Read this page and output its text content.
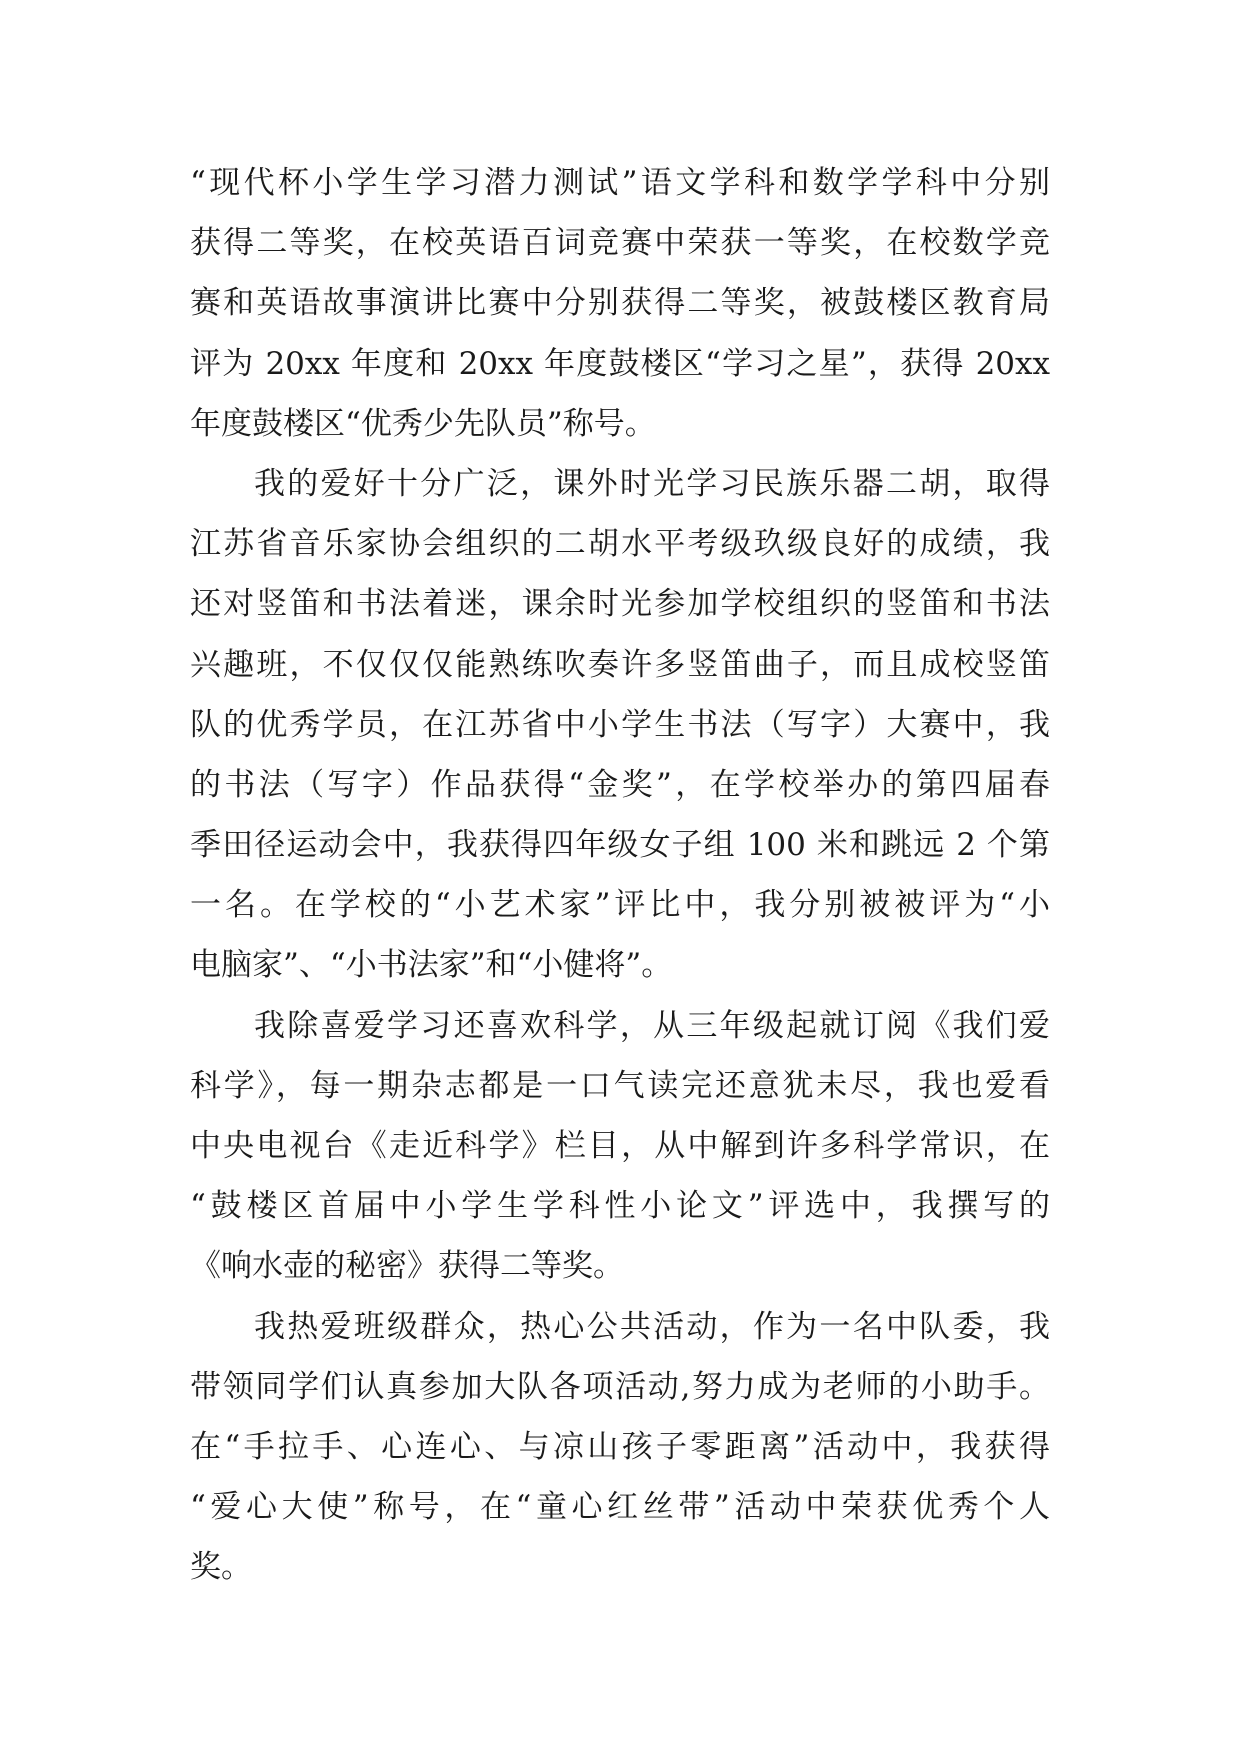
“现代杯小学生学习潜力测试”语文学科和数学学科中分别
获得二等奖，在校英语百词竞赛中荣获一等奖，在校数学竞
赛和英语故事演讲比赛中分别获得二等奖，被鼓楼区教育局
评为 20xx 年度和 20xx 年度鼓楼区“学习之星”，获得 20xx
年度鼓楼区“优秀少先队员”称号。
我的爱好十分广泛，课外时光学习民族乐器二胡，取得
江苏省音乐家协会组织的二胡水平考级玖级良好的成绩，我
还对竖笛和书法着迷，课余时光参加学校组织的竖笛和书法
兴趣班，不仅仅仅能熟练吹奏许多竖笛曲子，而且成校竖笛
队的优秀学员，在江苏省中小学生书法（写字）大赛中，我
的书法（写字）作品获得“金奖”，在学校举办的第四届春
季田径运动会中，我获得四年级女子组 100 米和跳远 2 个第
一名。在学校的“小艺术家”评比中，我分别被被评为“小
电脑家”、“小书法家”和“小健将”。
我除喜爱学习还喜欢科学，从三年级起就订阅《我们爱
科学》，每一期杂志都是一口气读完还意犹未尽，我也爱看
中央电视台《走近科学》栏目，从中解到许多科学常识，在
“鼓楼区首届中小学生学科性小论文”评选中，我撰写的
《响水壶的秘密》获得二等奖。
我热爱班级群众，热心公共活动，作为一名中队委，我
带领同学们认真参加大队各项活动,努力成为老师的小助手。
在“手拉手、心连心、与凉山孩子零距离”活动中，我获得
“爱心大使”称号，在“童心红丝带”活动中荣获优秀个人
奖。
